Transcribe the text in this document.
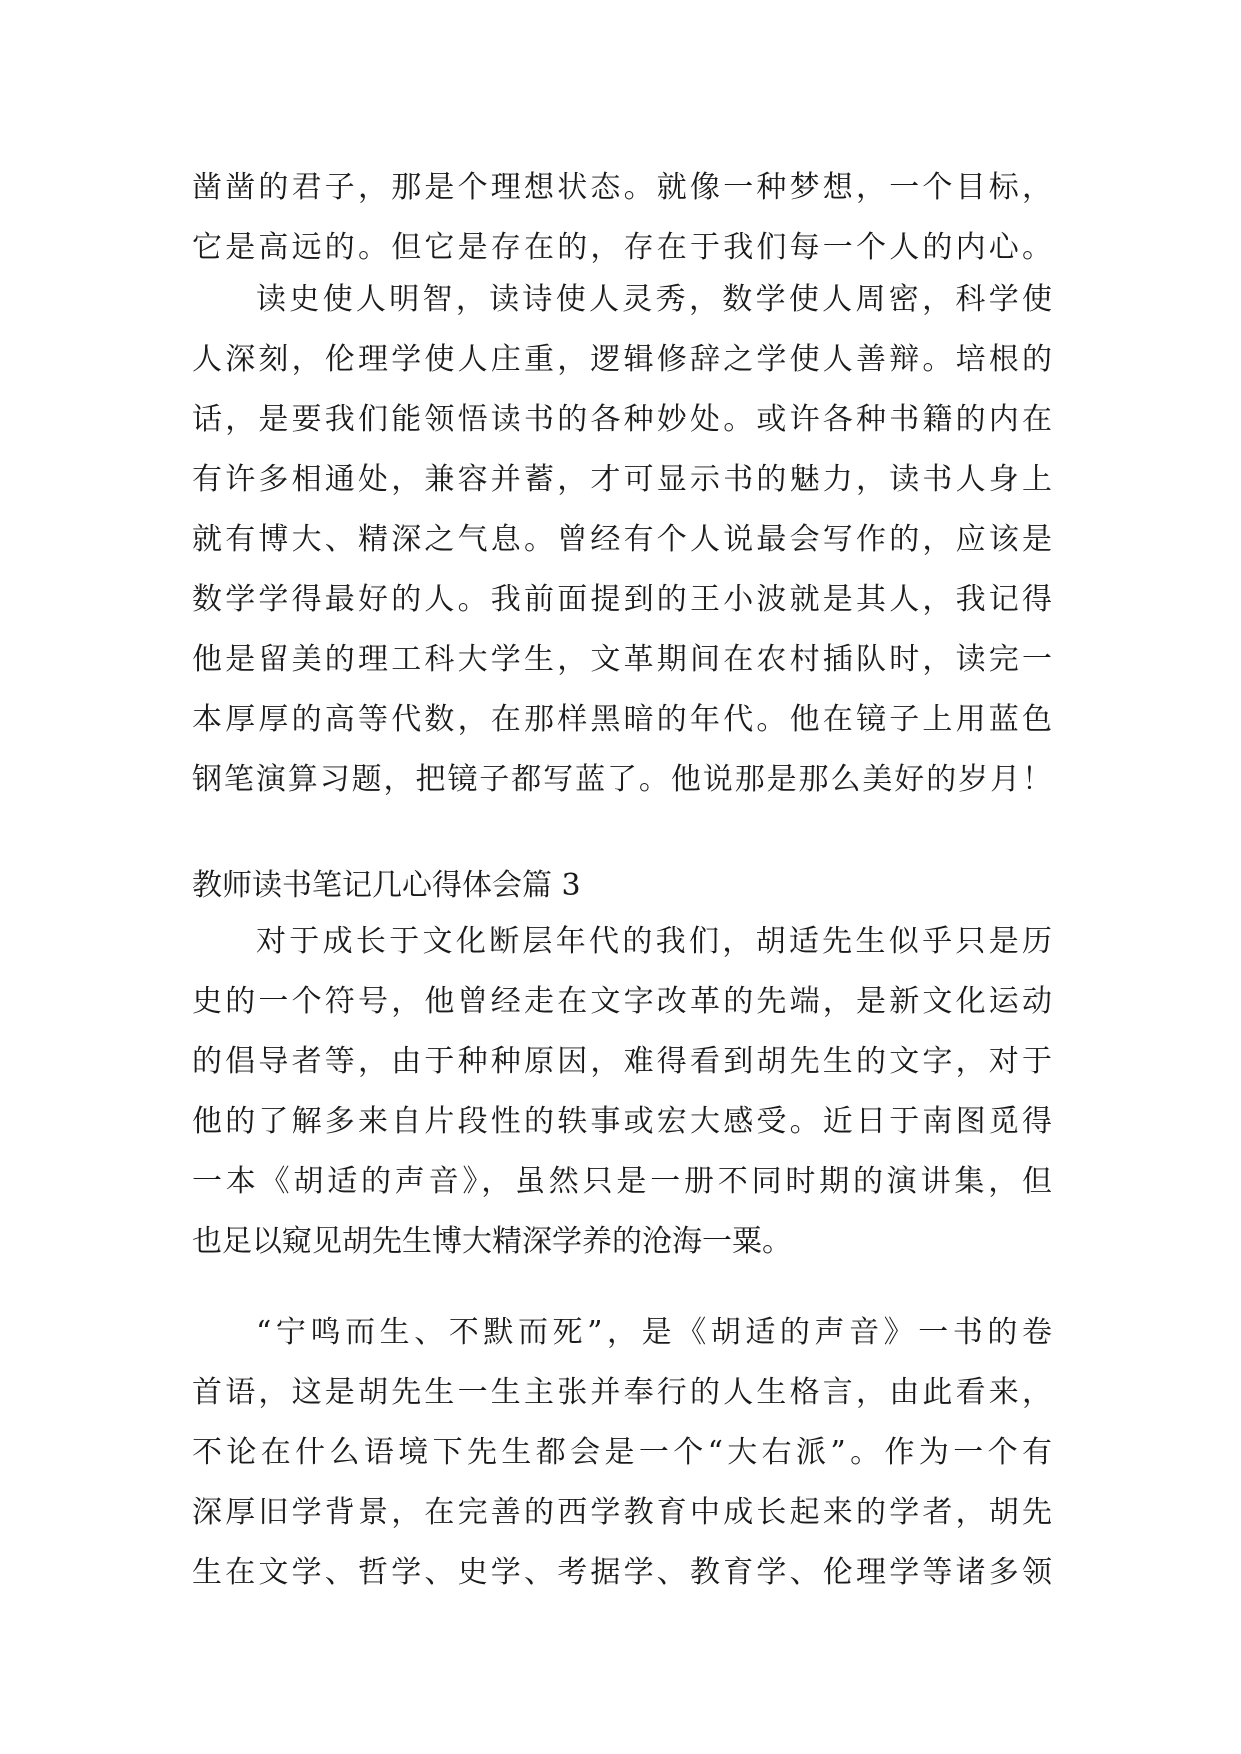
凿凿的君子，那是个理想状态。就像一种梦想，一个目标，
它是高远的。但它是存在的，存在于我们每一个人的内心。
读史使人明智，读诗使人灵秀，数学使人周密，科学使
人深刻，伦理学使人庄重，逻辑修辞之学使人善辩。培根的
话，是要我们能领悟读书的各种妙处。或许各种书籍的内在
有许多相通处，兼容并蓄，才可显示书的魅力，读书人身上
就有博大、精深之气息。曾经有个人说最会写作的，应该是
数学学得最好的人。我前面提到的王小波就是其人，我记得
他是留美的理工科大学生，文革期间在农村插队时，读完一
本厚厚的高等代数，在那样黑暗的年代。他在镜子上用蓝色
钢笔演算习题，把镜子都写蓝了。他说那是那么美好的岁月！
教师读书笔记几心得体会篇 3
对于成长于文化断层年代的我们，胡适先生似乎只是历
史的一个符号，他曾经走在文字改革的先端，是新文化运动
的倡导者等，由于种种原因，难得看到胡先生的文字，对于
他的了解多来自片段性的轶事或宏大感受。近日于南图觅得
一本《胡适的声音》，虽然只是一册不同时期的演讲集，但
也足以窥见胡先生博大精深学养的沧海一粟。
“宁鸣而生、不默而死”，是《胡适的声音》一书的卷
首语，这是胡先生一生主张并奉行的人生格言，由此看来，
不论在什么语境下先生都会是一个“大右派”。作为一个有
深厚旧学背景，在完善的西学教育中成长起来的学者，胡先
生在文学、哲学、史学、考据学、教育学、伦理学等诸多领
